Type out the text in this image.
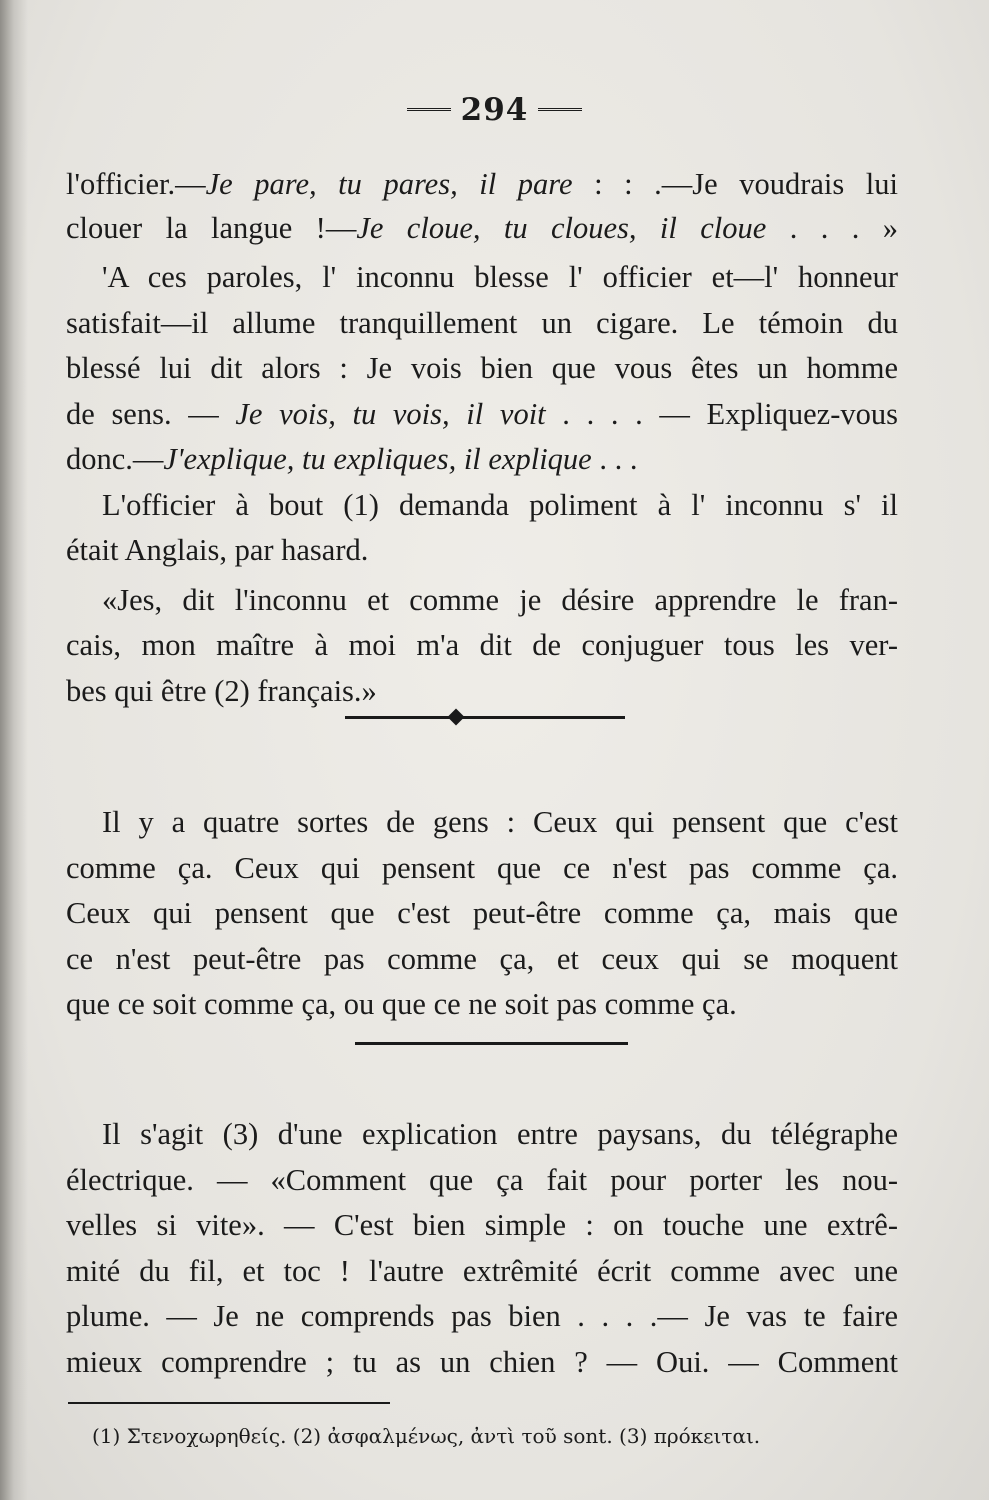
294
l'officier.—Je pare, tu pares, il pare : : .—Je voudrais lui
clouer la langue !—Je cloue, tu cloues, il cloue . . . »
'A ces paroles, l' inconnu blesse l' officier et—l' honneur
satisfait—il allume tranquillement un cigare. Le témoin du
blessé lui dit alors : Je vois bien que vous êtes un homme
de sens. — Je vois, tu vois, il voit . . . . — Expliquez-vous
donc.—J'explique, tu expliques, il explique . . .
L'officier à bout (1) demanda poliment à l' inconnu s' il
était Anglais, par hasard.
«Jes, dit l'inconnu et comme je désire apprendre le fran-
cais, mon maître à moi m'a dit de conjuguer tous les ver-
bes qui être (2) français.»
Il y a quatre sortes de gens : Ceux qui pensent que c'est
comme ça. Ceux qui pensent que ce n'est pas comme ça.
Ceux qui pensent que c'est peut-être comme ça, mais que
ce n'est peut-être pas comme ça, et ceux qui se moquent
que ce soit comme ça, ou que ce ne soit pas comme ça.
Il s'agit (3) d'une explication entre paysans, du télégraphe
électrique. — «Comment que ça fait pour porter les nou-
velles si vite». — C'est bien simple : on touche une extrê-
mité du fil, et toc ! l'autre extrêmité écrit comme avec une
plume. — Je ne comprends pas bien . . . .— Je vas te faire
mieux comprendre ; tu as un chien ? — Oui. — Comment
(1) Στενοχωρηθείς. (2) ἀσφαλμένως, ἀντὶ τοῦ sont. (3) πρόκειται.
